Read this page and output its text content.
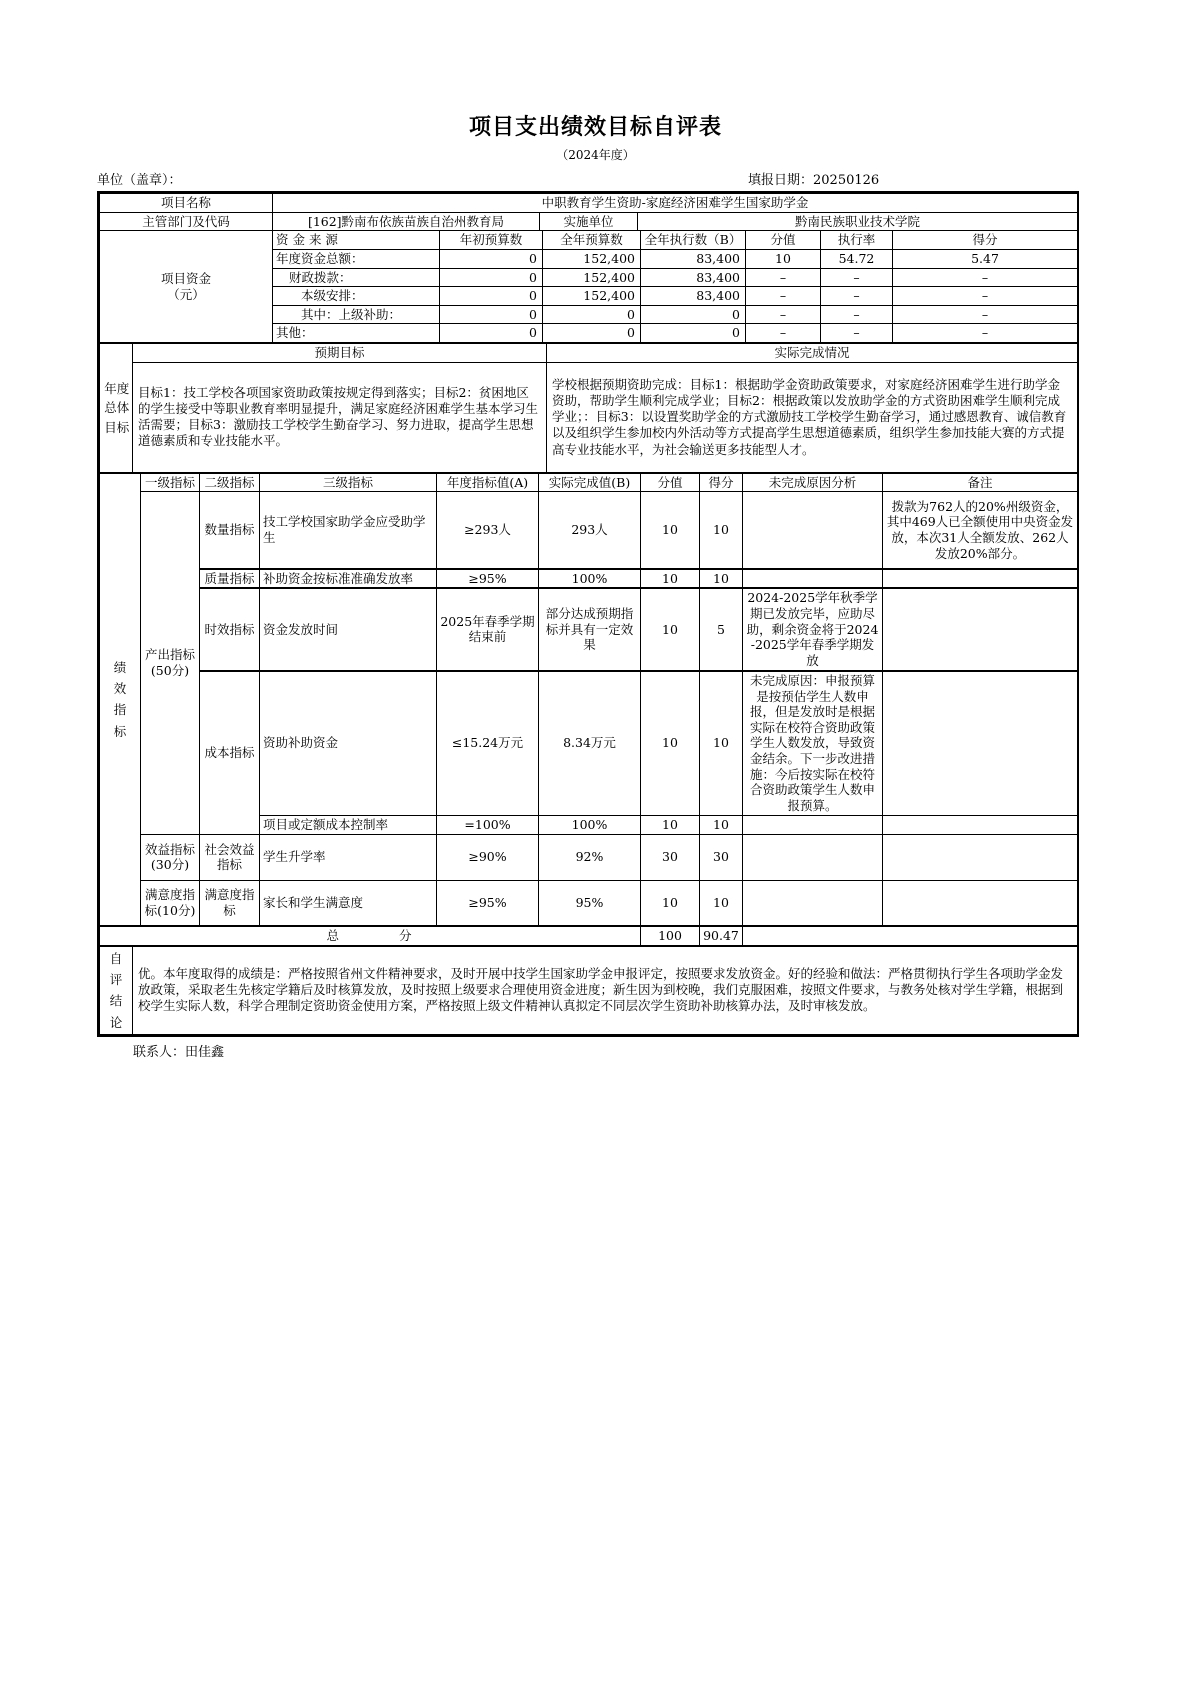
项目支出绩效目标自评表
（2024年度）
单位（盖章）：	填报日期：20250126
项目名称	中职教育学生资助-家庭经济困难学生国家助学金		
主管部门及代码	[162]黔南布依族苗族自治州教育局	实施单位	黔南民族职业技术学院
项目资金
（元）	资 金 来 源	年初预算数	全年预算数	全年执行数（B）	分值	执行率	得分
	年度资金总额：	0	152,400	83,400	10	54.72	5.47
	财政拨款：	0	152,400	83,400	–	–	–
	本级安排：	0	152,400	83,400	–	–	–
	其中：上级补助：	0	0	0	–	–	–
	其他：	0	0	0	–	–	–
年度总体目标	预期目标	实际完成情况
	目标1：技工学校各项国家资助政策按规定得到落实；目标2：贫困地区的学生接受中等职业教育率明显提升，满足家庭经济困难学生基本学习生活需要；目标3：激励技工学校学生勤奋学习、努力进取，提高学生思想道德素质和专业技能水平。	学校根据预期资助完成：目标1：根据助学金资助政策要求，对家庭经济困难学生进行助学金资助，帮助学生顺利完成学业；目标2：根据政策以发放助学金的方式资助困难学生顺利完成学业；：目标3：以设置奖助学金的方式激励技工学校学生勤奋学习，通过感恩教育、诚信教育以及组织学生参加校内外活动等方式提高学生思想道德素质，组织学生参加技能大赛的方式提高专业技能水平，为社会输送更多技能型人才。
绩效指标	一级指标	二级指标	三级指标	年度指标值(A)	实际完成值(B)	分值	得分	未完成原因分析	备注
	产出指标(50分)	数量指标	技工学校国家助学金应受助学生	≥293人	293人	10	10		拨款为762人的20%州级资金，其中469人已全额使用中央资金发放，本次31人全额发放、262人发放20%部分。
		质量指标	补助资金按标准准确发放率	≥95%	100%	10	10		
		时效指标	资金发放时间	2025年春季学期结束前	部分达成预期指标并具有一定效果	10	5	2024-2025学年秋季学期已发放完毕，应助尽助，剩余资金将于2024-2025学年春季学期发放	
		成本指标	资助补助资金	≤15.24万元	8.34万元	10	10	未完成原因：申报预算是按预估学生人数申报，但是发放时是根据实际在校符合资助政策学生人数发放，导致资金结余。下一步改进措施：今后按实际在校符合资助政策学生人数申报预算。	
			项目或定额成本控制率	=100%	100%	10	10		
	效益指标(30分)	社会效益指标	学生升学率	≥90%	92%	30	30		
	满意度指标(10分)	满意度指标	家长和学生满意度	≥95%	95%	10	10		
总　　　　分						100	90.47		
自评结论	优。本年度取得的成绩是：严格按照省州文件精神要求，及时开展中技学生国家助学金申报评定，按照要求发放资金。好的经验和做法：严格贯彻执行学生各项助学金发放政策，采取老生先核定学籍后及时核算发放，及时按照上级要求合理使用资金进度；新生因为到校晚，我们克服困难，按照文件要求，与教务处核对学生学籍，根据到校学生实际人数，科学合理制定资助资金使用方案，严格按照上级文件精神认真拟定不同层次学生资助补助核算办法，及时审核发放。
联系人：田佳鑫
